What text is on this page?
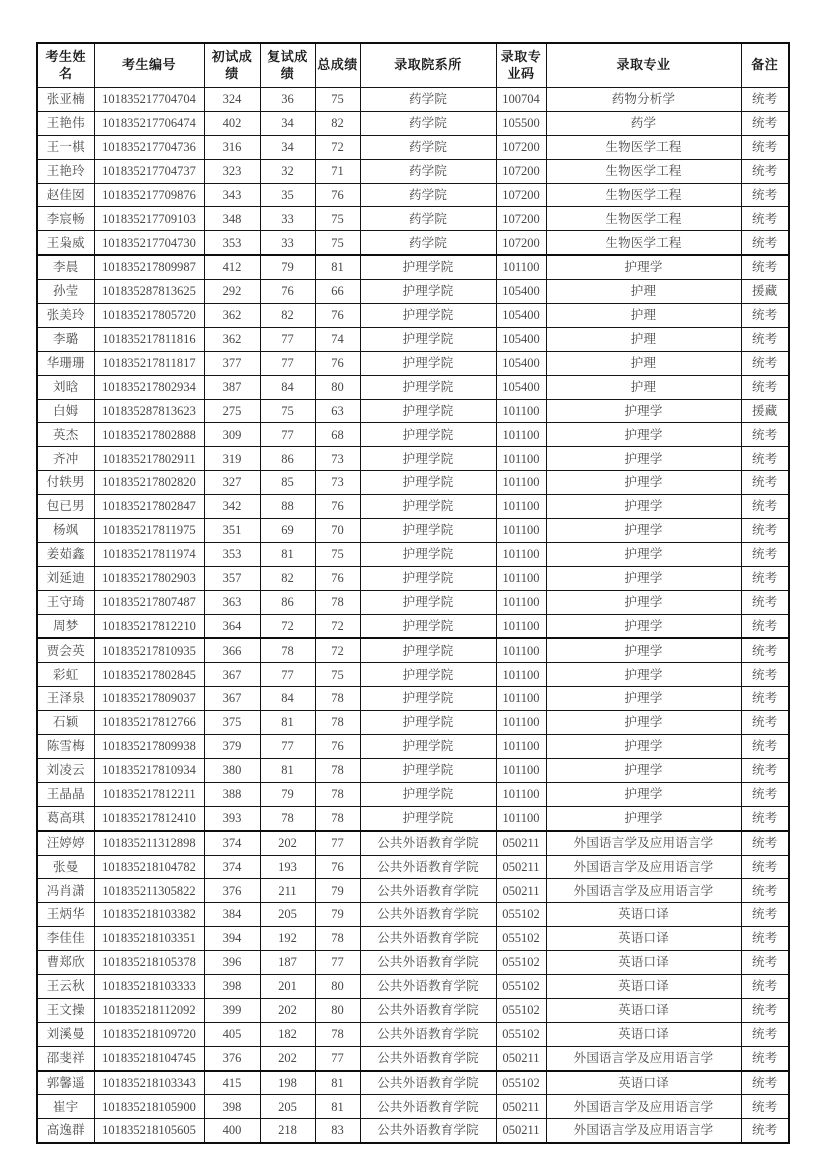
考生姓名	考生编号	初试成绩	复试成绩	总成绩	录取院系所	录取专业码	录取专业	备注
张亚楠	101835217704704	324	36	75	药学院	100704	药物分析学	统考
王艳伟	101835217706474	402	34	82	药学院	105500	药学	统考
王一棋	101835217704736	316	34	72	药学院	107200	生物医学工程	统考
王艳玲	101835217704737	323	32	71	药学院	107200	生物医学工程	统考
赵佳囡	101835217709876	343	35	76	药学院	107200	生物医学工程	统考
李宸畅	101835217709103	348	33	75	药学院	107200	生物医学工程	统考
王枭威	101835217704730	353	33	75	药学院	107200	生物医学工程	统考
李晨	101835217809987	412	79	81	护理学院	101100	护理学	统考
孙莹	101835287813625	292	76	66	护理学院	105400	护理	援藏
张美玲	101835217805720	362	82	76	护理学院	105400	护理	统考
李璐	101835217811816	362	77	74	护理学院	105400	护理	统考
华珊珊	101835217811817	377	77	76	护理学院	105400	护理	统考
刘晗	101835217802934	387	84	80	护理学院	105400	护理	统考
白姆	101835287813623	275	75	63	护理学院	101100	护理学	援藏
英杰	101835217802888	309	77	68	护理学院	101100	护理学	统考
齐冲	101835217802911	319	86	73	护理学院	101100	护理学	统考
付轶男	101835217802820	327	85	73	护理学院	101100	护理学	统考
包已男	101835217802847	342	88	76	护理学院	101100	护理学	统考
杨飒	101835217811975	351	69	70	护理学院	101100	护理学	统考
姜茹鑫	101835217811974	353	81	75	护理学院	101100	护理学	统考
刘延迪	101835217802903	357	82	76	护理学院	101100	护理学	统考
王守琦	101835217807487	363	86	78	护理学院	101100	护理学	统考
周梦	101835217812210	364	72	72	护理学院	101100	护理学	统考
贾会英	101835217810935	366	78	72	护理学院	101100	护理学	统考
彩虹	101835217802845	367	77	75	护理学院	101100	护理学	统考
王泽泉	101835217809037	367	84	78	护理学院	101100	护理学	统考
石颖	101835217812766	375	81	78	护理学院	101100	护理学	统考
陈雪梅	101835217809938	379	77	76	护理学院	101100	护理学	统考
刘凌云	101835217810934	380	81	78	护理学院	101100	护理学	统考
王晶晶	101835217812211	388	79	78	护理学院	101100	护理学	统考
葛高琪	101835217812410	393	78	78	护理学院	101100	护理学	统考
汪婷婷	101835211312898	374	202	77	公共外语教育学院	050211	外国语言学及应用语言学	统考
张曼	101835218104782	374	193	76	公共外语教育学院	050211	外国语言学及应用语言学	统考
冯肖潇	101835211305822	376	211	79	公共外语教育学院	050211	外国语言学及应用语言学	统考
王炳华	101835218103382	384	205	79	公共外语教育学院	055102	英语口译	统考
李佳佳	101835218103351	394	192	78	公共外语教育学院	055102	英语口译	统考
曹郑欣	101835218105378	396	187	77	公共外语教育学院	055102	英语口译	统考
王云秋	101835218103333	398	201	80	公共外语教育学院	055102	英语口译	统考
王文操	101835218112092	399	202	80	公共外语教育学院	055102	英语口译	统考
刘溪曼	101835218109720	405	182	78	公共外语教育学院	055102	英语口译	统考
邵斐祥	101835218104745	376	202	77	公共外语教育学院	050211	外国语言学及应用语言学	统考
郭馨遥	101835218103343	415	198	81	公共外语教育学院	055102	英语口译	统考
崔宇	101835218105900	398	205	81	公共外语教育学院	050211	外国语言学及应用语言学	统考
高逸群	101835218105605	400	218	83	公共外语教育学院	050211	外国语言学及应用语言学	统考
